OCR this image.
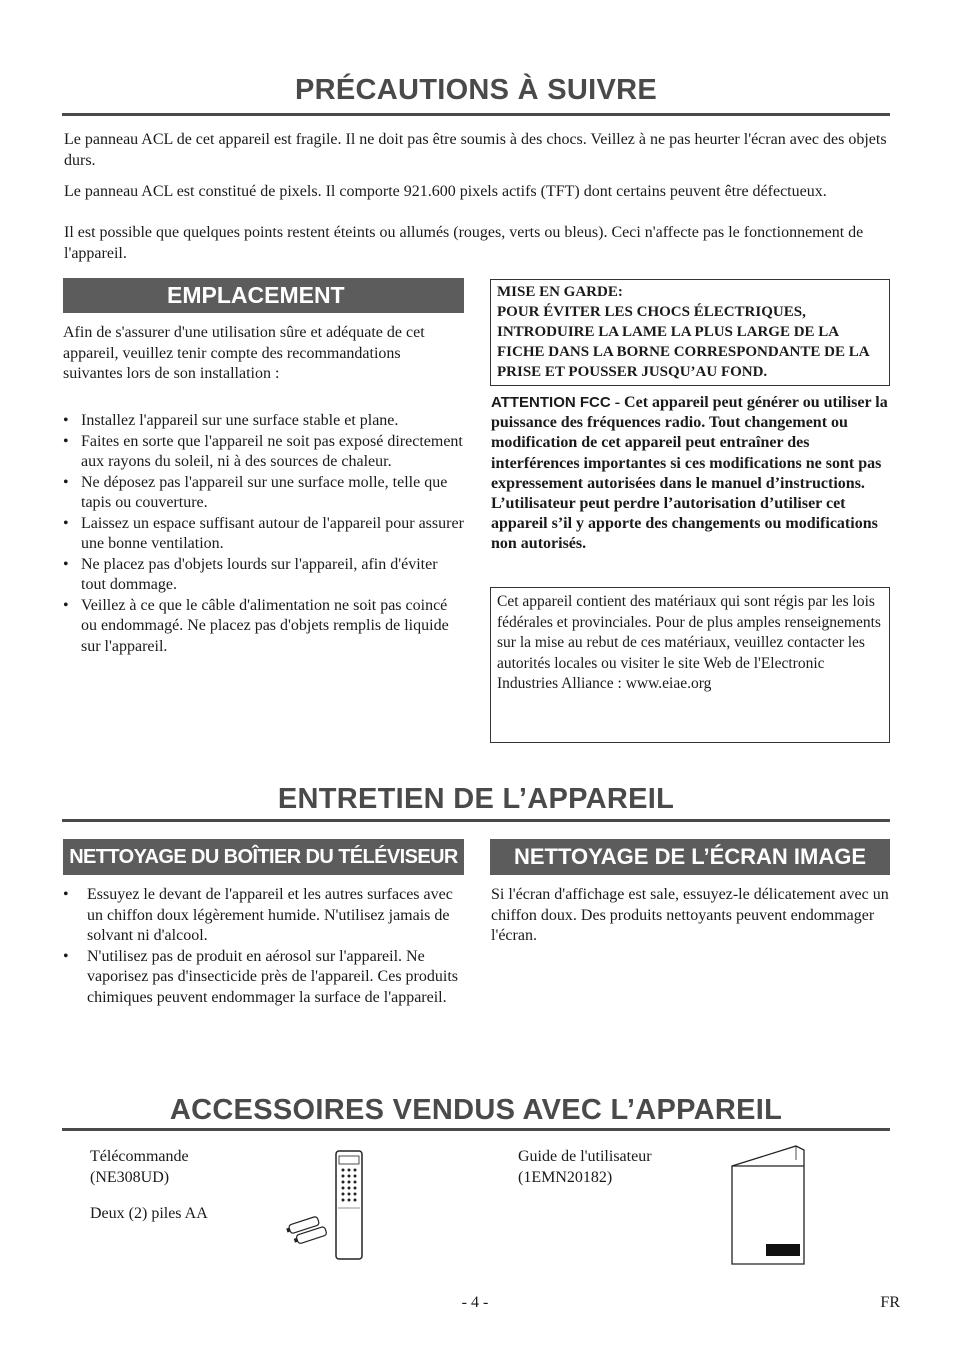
PRÉCAUTIONS À SUIVRE
Le panneau ACL de cet appareil est fragile. Il ne doit pas être soumis à des chocs. Veillez à ne pas heurter l'écran avec des objets durs.
Le panneau ACL est constitué de pixels. Il comporte 921.600 pixels actifs (TFT) dont certains peuvent être défectueux.
Il est possible que quelques points restent éteints ou allumés (rouges, verts ou bleus). Ceci n'affecte pas le fonctionnement de l'appareil.
EMPLACEMENT
Afin de s'assurer d'une utilisation sûre et adéquate de cet appareil, veuillez tenir compte des recommandations suivantes lors de son installation :
• Installez l'appareil sur une surface stable et plane.
• Faites en sorte que l'appareil ne soit pas exposé directement aux rayons du soleil, ni à des sources de chaleur.
• Ne déposez pas l'appareil sur une surface molle, telle que tapis ou couverture.
• Laissez un espace suffisant autour de l'appareil pour assurer une bonne ventilation.
• Ne placez pas d'objets lourds sur l'appareil, afin d'éviter tout dommage.
• Veillez à ce que le câble d'alimentation ne soit pas coincé ou endommagé. Ne placez pas d'objets remplis de liquide sur l'appareil.
MISE EN GARDE:
POUR ÉVITER LES CHOCS ÉLECTRIQUES, INTRODUIRE LA LAME LA PLUS LARGE DE LA FICHE DANS LA BORNE CORRESPONDANTE DE LA PRISE ET POUSSER JUSQU’AU FOND.
ATTENTION FCC - Cet appareil peut générer ou utiliser la puissance des fréquences radio. Tout changement ou modification de cet appareil peut entraîner des interférences importantes si ces modifications ne sont pas expressement autorisées dans le manuel d’instructions. L’utilisateur peut perdre l’autorisation d’utiliser cet appareil s’il y apporte des changements ou modifications non autorisés.
Cet appareil contient des matériaux qui sont régis par les lois fédérales et provinciales. Pour de plus amples renseignements sur la mise au rebut de ces matériaux, veuillez contacter les autorités locales ou visiter le site Web de l'Electronic Industries Alliance : www.eiae.org
ENTRETIEN DE L’APPAREIL
NETTOYAGE DU BOÎTIER DU TÉLÉVISEUR	NETTOYAGE DE L’ÉCRAN IMAGE
• Essuyez le devant de l'appareil et les autres surfaces avec un chiffon doux légèrement humide. N'utilisez jamais de solvant ni d'alcool.
• N'utilisez pas de produit en aérosol sur l'appareil. Ne vaporisez pas d'insecticide près de l'appareil. Ces produits chimiques peuvent endommager la surface de l'appareil.
Si l'écran d'affichage est sale, essuyez-le délicatement avec un chiffon doux. Des produits nettoyants peuvent endommager l'écran.
ACCESSOIRES VENDUS AVEC L’APPAREIL
Télécommande
(NE308UD)
Deux (2) piles AA
Guide de l'utilisateur
(1EMN20182)
- 4 -	FR
